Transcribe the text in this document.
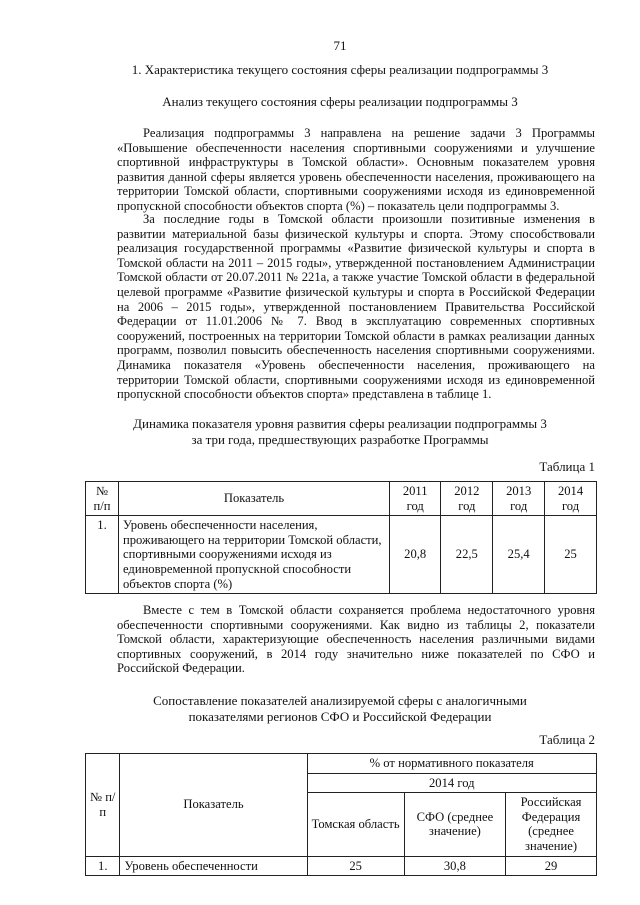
71
1. Характеристика текущего состояния сферы реализации подпрограммы 3
Анализ текущего состояния сферы реализации подпрограммы 3
Реализация подпрограммы 3 направлена на решение задачи 3 Программы «Повышение обеспеченности населения спортивными сооружениями и улучшение спортивной инфраструктуры в Томской области». Основным показателем уровня развития данной сферы является уровень обеспеченности населения, проживающего на территории Томской области, спортивными сооружениями исходя из единовременной пропускной способности объектов спорта (%) – показатель цели подпрограммы 3.
За последние годы в Томской области произошли позитивные изменения в развитии материальной базы физической культуры и спорта. Этому способствовали реализация государственной программы «Развитие физической культуры и спорта в Томской области на 2011 – 2015 годы», утвержденной постановлением Администрации Томской области от 20.07.2011 № 221а, а также участие Томской области в федеральной целевой программе «Развитие физической культуры и спорта в Российской Федерации на 2006 – 2015 годы», утвержденной постановлением Правительства Российской Федерации от 11.01.2006 № 7. Ввод в эксплуатацию современных спортивных сооружений, построенных на территории Томской области в рамках реализации данных программ, позволил повысить обеспеченность населения спортивными сооружениями. Динамика показателя «Уровень обеспеченности населения, проживающего на территории Томской области, спортивными сооружениями исходя из единовременной пропускной способности объектов спорта» представлена в таблице 1.
Динамика показателя уровня развития сферы реализации подпрограммы 3
за три года, предшествующих разработке Программы
Таблица 1
№ п/п	Показатель	2011 год	2012 год	2013 год	2014 год
1.	Уровень обеспеченности населения, проживающего на территории Томской области, спортивными сооружениями исходя из единовременной пропускной способности объектов спорта (%)	20,8	22,5	25,4	25
Вместе с тем в Томской области сохраняется проблема недостаточного уровня обеспеченности спортивными сооружениями. Как видно из таблицы 2, показатели Томской области, характеризующие обеспеченность населения различными видами спортивных сооружений, в 2014 году значительно ниже показателей по СФО и Российской Федерации.
Сопоставление показателей анализируемой сферы с аналогичными
показателями регионов СФО и Российской Федерации
Таблица 2
№ п/п	Показатель	% от нормативного показателя		
		2014 год		
		Томская область	СФО (среднее значение)	Российская Федерация (среднее значение)
1.	Уровень обеспеченности	25	30,8	29
